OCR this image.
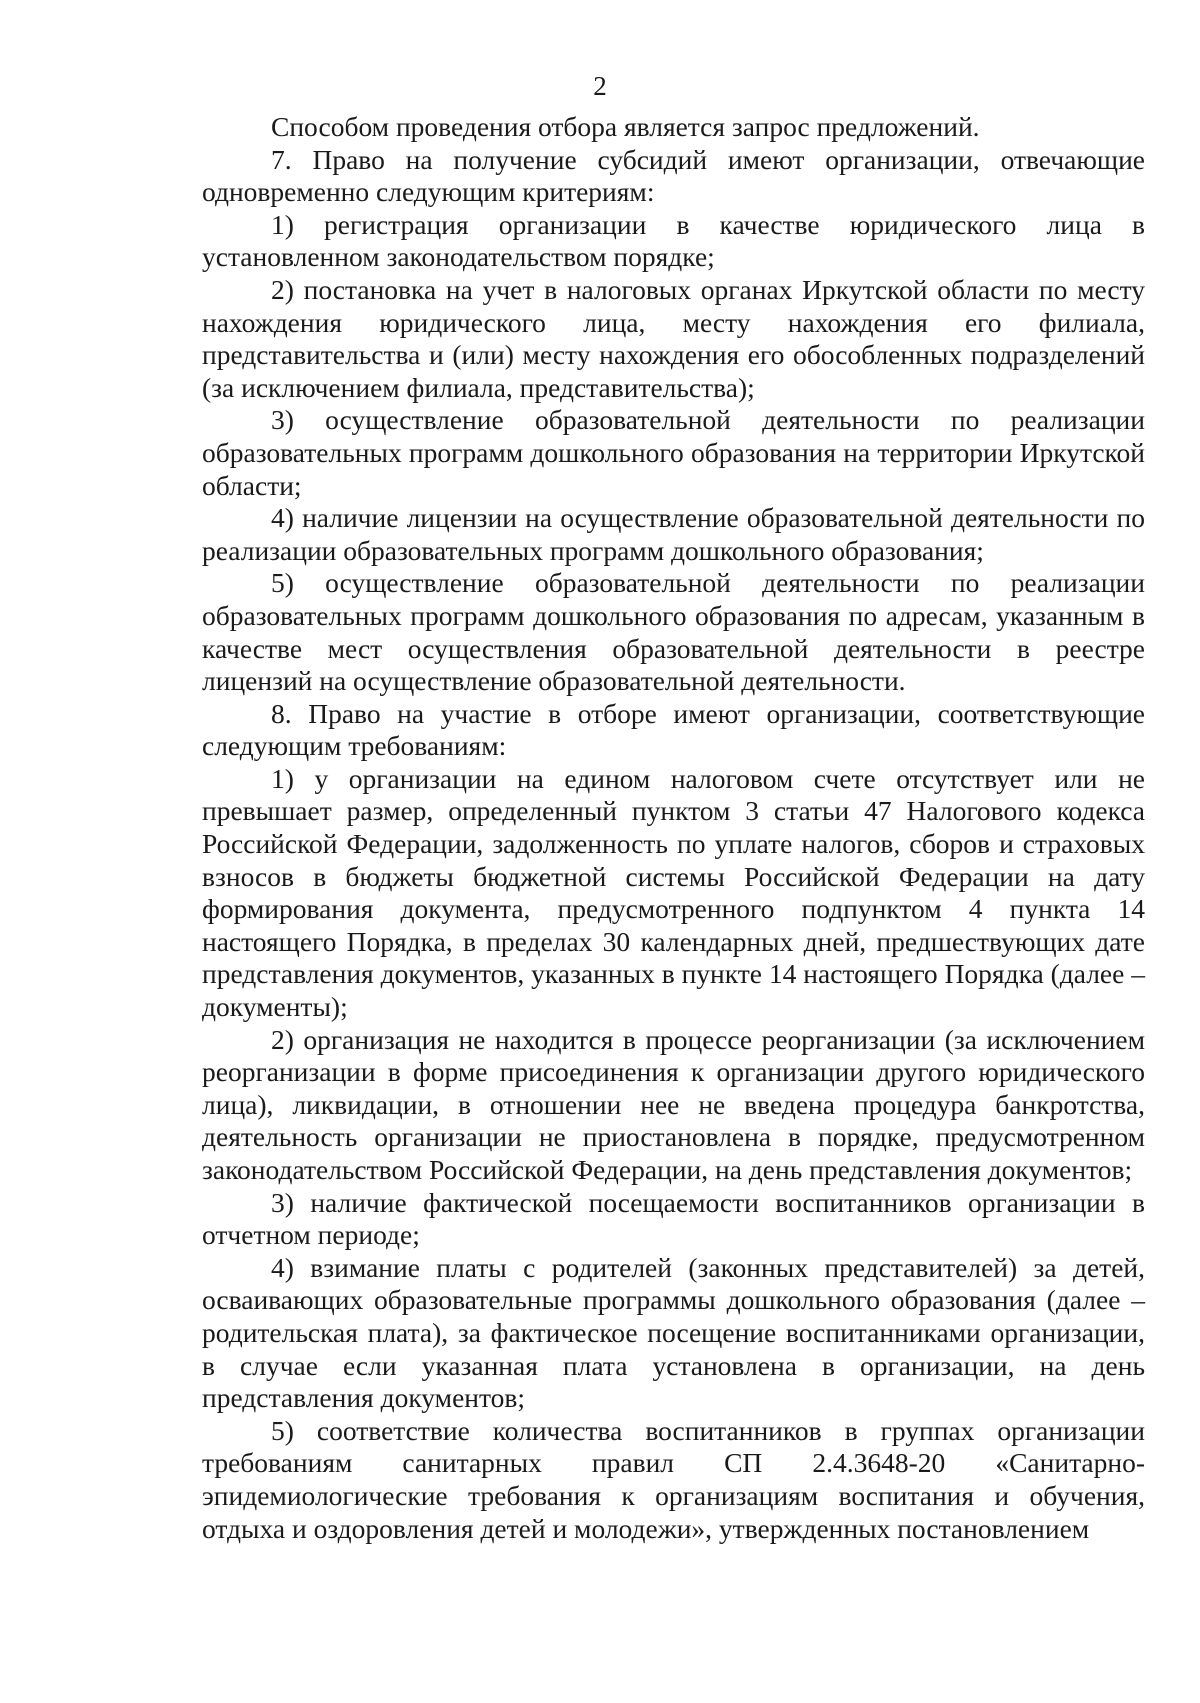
2

Способом проведения отбора является запрос предложений.

7. Право на получение субсидий имеют организации, отвечающие одновременно следующим критериям:

1) регистрация организации в качестве юридического лица в установленном законодательством порядке;

2) постановка на учет в налоговых органах Иркутской области по месту нахождения юридического лица, месту нахождения его филиала, представительства и (или) месту нахождения его обособленных подразделений (за исключением филиала, представительства);

3) осуществление образовательной деятельности по реализации образовательных программ дошкольного образования на территории Иркутской области;

4) наличие лицензии на осуществление образовательной деятельности по реализации образовательных программ дошкольного образования;

5) осуществление образовательной деятельности по реализации образовательных программ дошкольного образования по адресам, указанным в качестве мест осуществления образовательной деятельности в реестре лицензий на осуществление образовательной деятельности.

8. Право на участие в отборе имеют организации, соответствующие следующим требованиям:

1) у организации на едином налоговом счете отсутствует или не превышает размер, определенный пунктом 3 статьи 47 Налогового кодекса Российской Федерации, задолженность по уплате налогов, сборов и страховых взносов в бюджеты бюджетной системы Российской Федерации на дату формирования документа, предусмотренного подпунктом 4 пункта 14 настоящего Порядка, в пределах 30 календарных дней, предшествующих дате представления документов, указанных в пункте 14 настоящего Порядка (далее – документы);

2) организация не находится в процессе реорганизации (за исключением реорганизации в форме присоединения к организации другого юридического лица), ликвидации, в отношении нее не введена процедура банкротства, деятельность организации не приостановлена в порядке, предусмотренном законодательством Российской Федерации, на день представления документов;

3) наличие фактической посещаемости воспитанников организации в отчетном периоде;

4) взимание платы с родителей (законных представителей) за детей, осваивающих образовательные программы дошкольного образования (далее – родительская плата), за фактическое посещение воспитанниками организации, в случае если указанная плата установлена в организации, на день представления документов;

5) соответствие количества воспитанников в группах организации требованиям санитарных правил СП 2.4.3648-20 «Санитарно-эпидемиологические требования к организациям воспитания и обучения, отдыха и оздоровления детей и молодежи», утвержденных постановлением
